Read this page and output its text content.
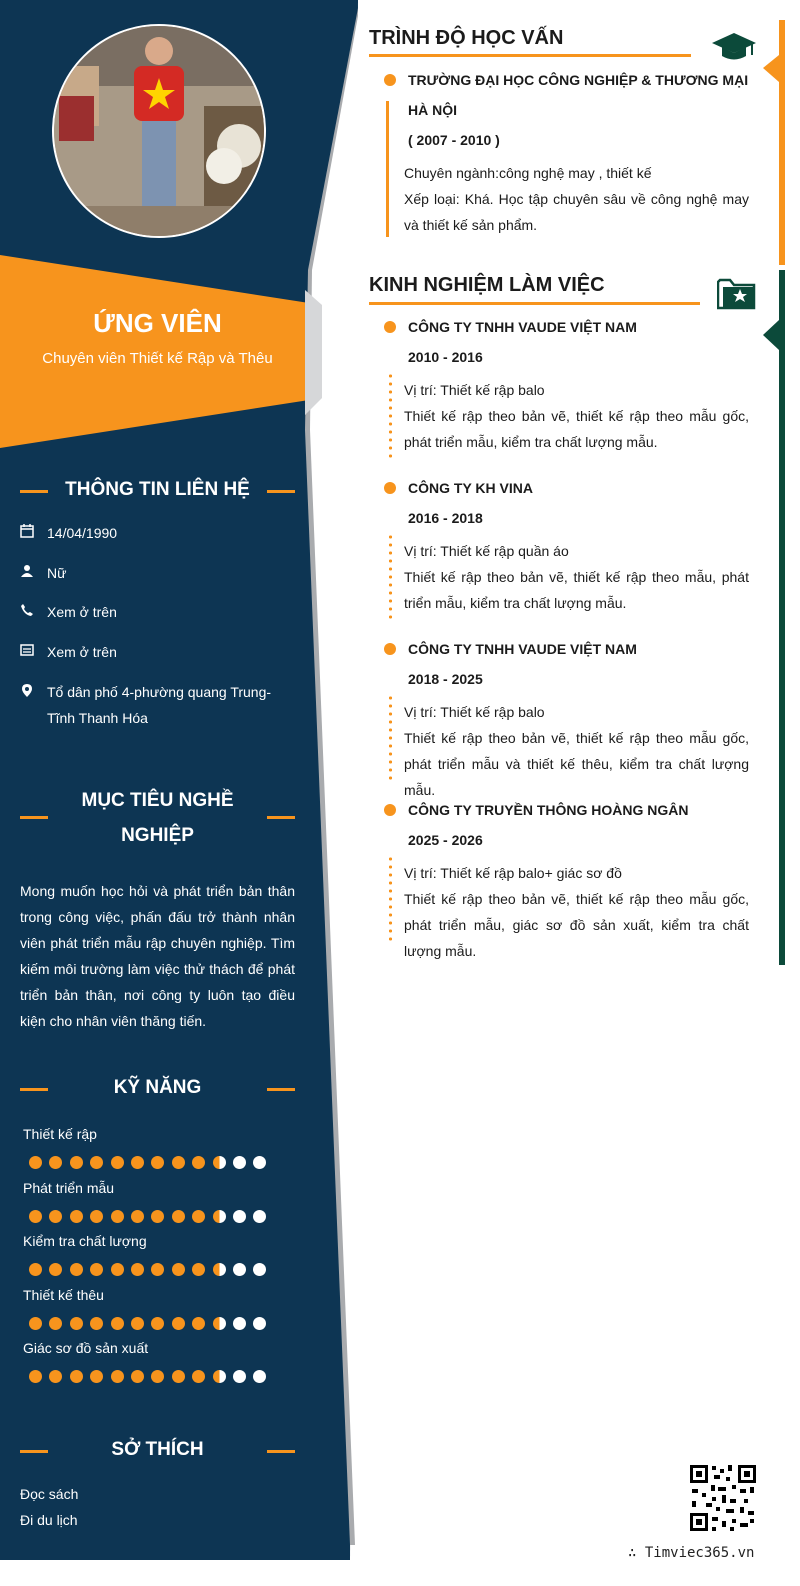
ỨNG VIÊN
Chuyên viên Thiết kế Rập và Thêu
THÔNG TIN LIÊN HỆ
14/04/1990
Nữ
Xem ở trên
Xem ở trên
Tổ dân phố 4-phường quang Trung- Tĩnh Thanh Hóa
MỤC TIÊU NGHỀ
NGHIỆP
Mong muốn học hỏi và phát triển bản thân trong công việc, phấn đấu trở thành nhân viên phát triển mẫu rập chuyên nghiệp. Tìm kiếm môi trường làm việc thử thách để phát triển bản thân, nơi công ty luôn tạo điều kiện cho nhân viên thăng tiến.
KỸ NĂNG
Thiết kế rập
Phát triển mẫu
Kiểm tra chất lượng
Thiết kế thêu
Giác sơ đồ sản xuất
SỞ THÍCH
Đọc sách
Đi du lịch
TRÌNH ĐỘ HỌC VẤN
TRƯỜNG ĐẠI HỌC CÔNG NGHIỆP & THƯƠNG MẠI
HÀ NỘI
( 2007 - 2010 )
Chuyên ngành:công nghệ may , thiết kế
Xếp loại: Khá. Học tập chuyên sâu về công nghệ may và thiết kế sản phẩm.
KINH NGHIỆM LÀM VIỆC
CÔNG TY TNHH VAUDE VIỆT NAM
2010 - 2016
Vị trí: Thiết kế rập balo
Thiết kế rập theo bản vẽ, thiết kế rập theo mẫu gốc, phát triển mẫu, kiểm tra chất lượng mẫu.
CÔNG TY KH VINA
2016 - 2018
Vị trí: Thiết kế rập quần áo
Thiết kế rập theo bản vẽ, thiết kế rập theo mẫu, phát triển mẫu, kiểm tra chất lượng mẫu.
CÔNG TY TNHH VAUDE VIỆT NAM
2018 - 2025
Vị trí: Thiết kế rập balo
Thiết kế rập theo bản vẽ, thiết kế rập theo mẫu gốc, phát triển mẫu và thiết kế thêu, kiểm tra chất lượng mẫu.
CÔNG TY TRUYỀN THÔNG HOÀNG NGÂN
2025 - 2026
Vị trí: Thiết kế rập balo+ giác sơ đồ
Thiết kế rập theo bản vẽ, thiết kế rập theo mẫu gốc, phát triển mẫu, giác sơ đồ sản xuất, kiểm tra chất lượng mẫu.
∴ Timviec365.vn
